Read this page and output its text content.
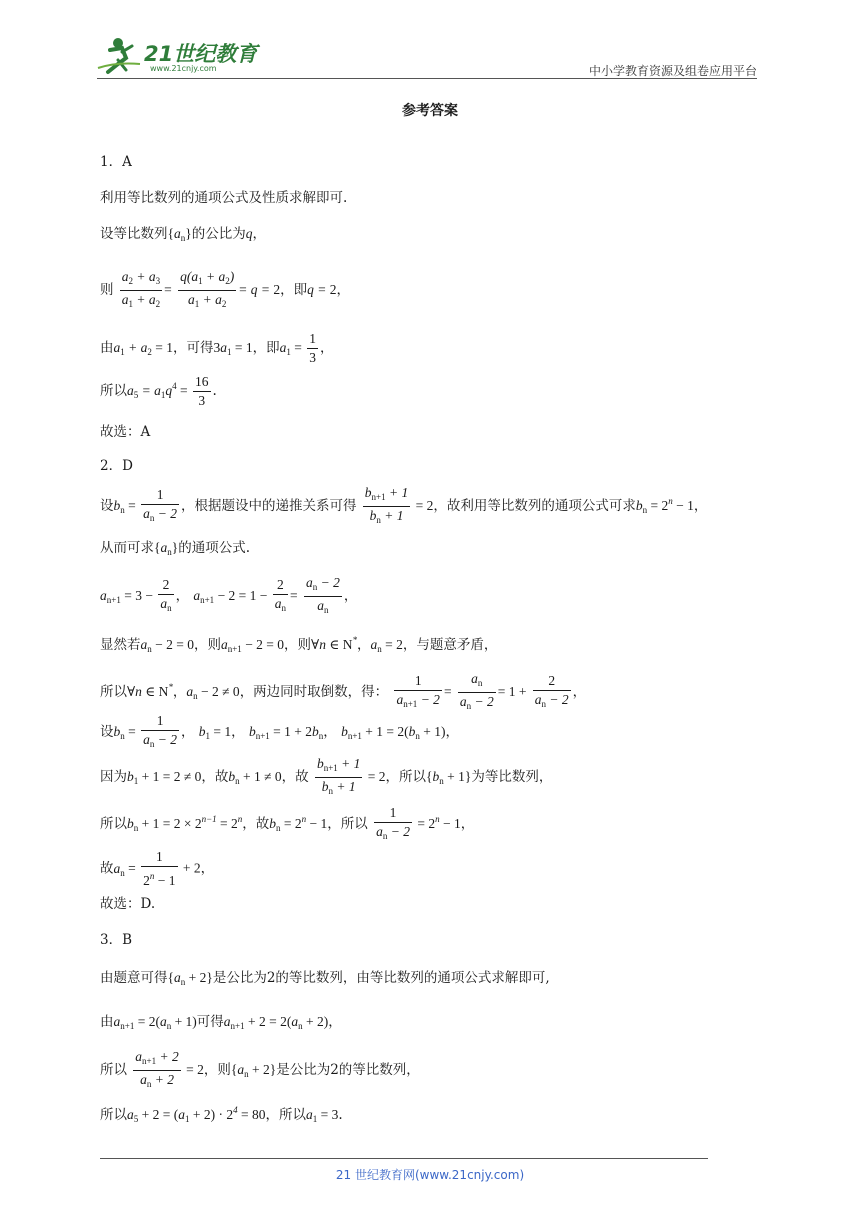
21世纪教育
www.21cnjy.com	中小学教育资源及组卷应用平台
参考答案
1．A
利用等比数列的通项公式及性质求解即可.
设等比数列$\{a_n\}$的公比为q，
则 $\frac{a_2 + a_3}{a_1 + a_2} = \frac{q(a_1 + a_2)}{a_1 + a_2} = q = 2$，即q = 2，
由$a_1 + a_2 = 1$，可得$3a_1 = 1$，即$a_1 = \frac{1}{3}$ ，
所以$a_5 = a_1q^4 = \frac{16}{3}$ .
故选：A
2．D
设$b_n = \frac{1}{a_n - 2}$ ，根据题设中的递推关系可得 $\frac{b_{n+1} + 1}{b_n + 1} = 2$，故利用等比数列的通项公式可求$b_n = 2^n - 1$，
从而可求$\{a_n\}$的通项公式.
$a_{n+1} = 3 - \frac{2}{a_n}$ ， $a_{n+1} - 2 = 1 - \frac{2}{a_n} = \frac{a_n - 2}{a_n}$ ，
显然若$a_n - 2 = 0$，则$a_{n+1} - 2 = 0$，则∀n ∈ N*，$a_n = 2$，与题意矛盾，
所以∀n ∈ N*，$a_n - 2 \ne 0$，两边同时取倒数，得： $\frac{1}{a_{n+1} - 2} = \frac{a_n}{a_n - 2} = 1 + \frac{2}{a_n - 2}$ ，
设$b_n = \frac{1}{a_n - 2}$ ， $b_1 = 1$， $b_{n+1} = 1 + 2b_n$， $b_{n+1} + 1 = 2(b_n + 1)$，
因为$b_1 + 1 = 2 \ne 0$，故$b_n + 1 \ne 0$，故 $\frac{b_{n+1} + 1}{b_n + 1} = 2$，所以$\{b_n + 1\}$为等比数列，
所以$b_n + 1 = 2 \times 2^{n-1} = 2^n$，故$b_n = 2^n - 1$，所以 $\frac{1}{a_n - 2} = 2^n - 1$，
故$a_n = \frac{1}{2^n - 1} + 2$，
故选：D.
3．B
由题意可得$\{a_n + 2\}$是公比为2的等比数列，由等比数列的通项公式求解即可,
由$a_{n+1} = 2(a_n + 1)$可得$a_{n+1} + 2 = 2(a_n + 2)$，
所以 $\frac{a_{n+1} + 2}{a_n + 2} = 2$，则$\{a_n + 2\}$是公比为2的等比数列，
所以$a_5 + 2 = (a_1 + 2) \cdot 2^4 = 80$，所以$a_1 = 3$.
21 世纪教育网(www.21cnjy.com)
